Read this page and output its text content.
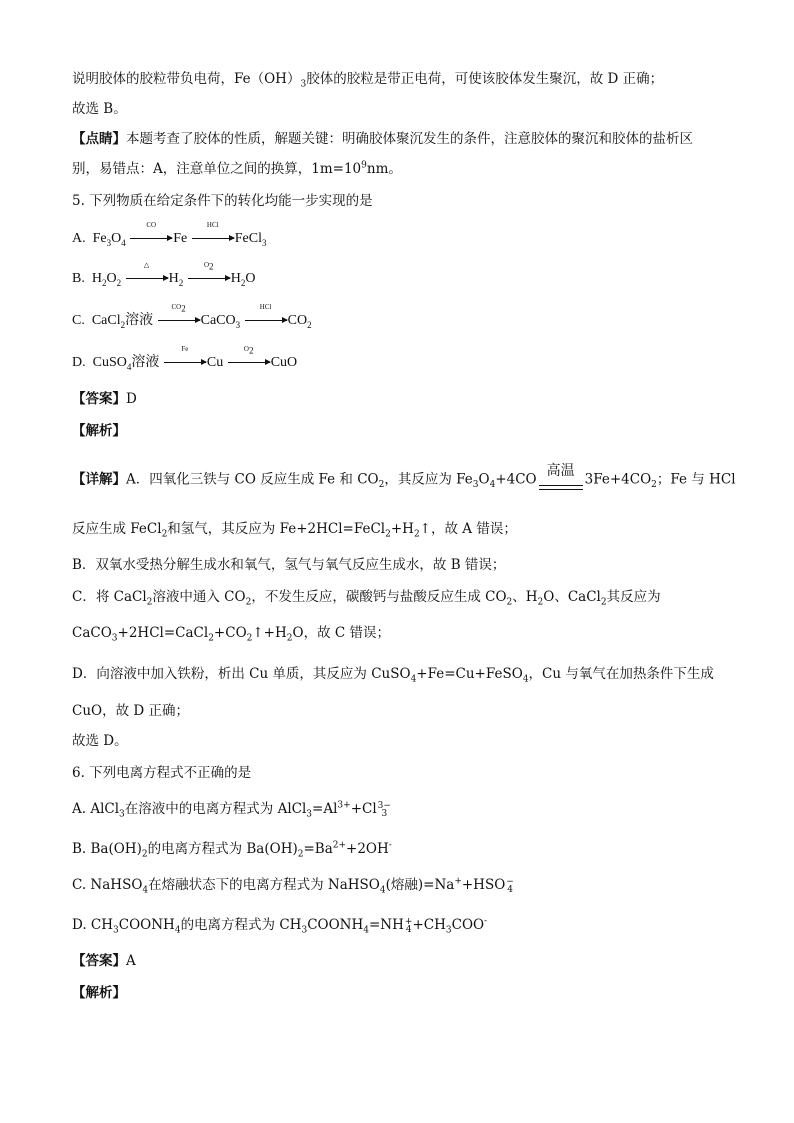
说明胶体的胶粒带负电荷，$Fe(OH)_3$胶体的胶粒是带正电荷，可使该胶体发生聚沉，故 D 正确；
故选 B。
【点睛】本题考查了胶体的性质，解题关键：明确胶体聚沉发生的条件，注意胶体的聚沉和胶体的盐析区
别，易错点：A，注意单位之间的换算，$1m=10^9nm$。
5. 下列物质在给定条件下的转化均能一步实现的是
A. $Fe_3O_4$
CO
Fe
HCl
FeCl$_3$
B. $H_2O_2$
△
$H_2$
$O_2$
$H_2O$
C. CaCl$_2$溶液
$CO_2$
CaCO$_3$
HCl
$CO_2$
D. CuSO$_4$溶液
Fe
Cu
$O_2$
CuO
【答案】D
【解析】
【详解】A．四氧化三铁与 CO 反应生成 Fe 和 $CO_2$，其反应为 $Fe_3O_4+4CO$
高温
$3Fe+4CO_2$；Fe 与 HCl
反应生成 FeCl$_2$和氢气，其反应为 $Fe+2HCl=FeCl_2+H_2↑$，故 A 错误；
B．双氧水受热分解生成水和氧气，氢气与氧气反应生成水，故 B 错误；
C．将 CaCl$_2$溶液中通入 $CO_2$，不发生反应，碳酸钙与盐酸反应生成 $CO_2$、$H_2O$、CaCl$_2$其反应为
$CaCO_3+2HCl=CaCl_2+CO_2↑+H_2O$，故 C 错误；
D．向溶液中加入铁粉，析出 Cu 单质，其反应为 CuSO$_4$+Fe=Cu+FeSO$_4$，Cu 与氧气在加热条件下生成
CuO，故 D 正确；
故选 D。
6. 下列电离方程式不正确的是
A. AlCl$_3$在溶液中的电离方程式为 $AlCl_3=Al^{3+}+Cl$ 3−
3
B. $Ba(OH)_2$的电离方程式为 $Ba(OH)_2=Ba^{2+}+2OH^-$
C. NaHSO$_4$在熔融状态下的电离方程式为 NaHSO$_4$(熔融)=Na++HSO −
4
D. $CH_3COONH_4$的电离方程式为 $CH_3COONH_4=NH$ +
$4 +CH_3COO^-$
【答案】A
【解析】
